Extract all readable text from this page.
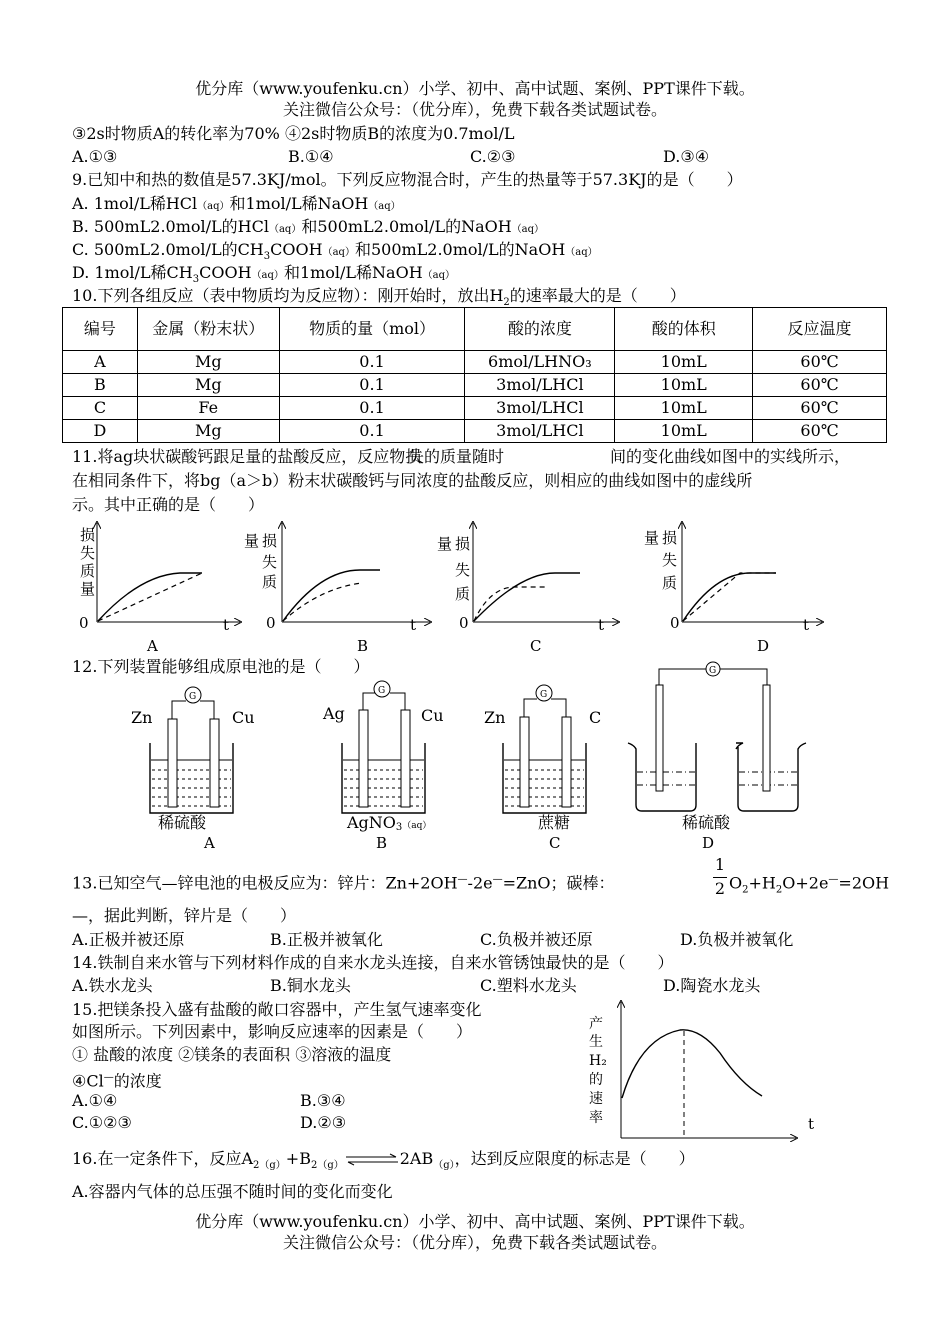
优分库（www.youfenku.cn）小学、初中、高中试题、案例、PPT课件下载。
关注微信公众号：（优分库），免费下载各类试题试卷。
③2s时物质A的转化率为70% ④2s时物质B的浓度为0.7mol/L
A.①③	B.①④	C.②③	D.③④
9.已知中和热的数值是57.3KJ/mol。下列反应物混合时，产生的热量等于57.3KJ的是（　　）
A. 1mol/L稀HCl（aq）和1mol/L稀NaOH（aq）
B. 500mL2.0mol/L的HCl（aq）和500mL2.0mol/L的NaOH（aq）
C. 500mL2.0mol/L的$CH_3COOH(aq)$和500mL2.0mol/L的NaOH（aq）
D. 1mol/L稀$CH_3COOH(aq)$和1mol/L稀NaOH（aq）
10.下列各组反应（表中物质均为反应物）：刚开始时，放出$H_2$的速率最大的是（　　）
编号	金属（粉末状）	物质的量（mol）	酸的浓度	酸的体积	反应温度
A	Mg	0.1	6mol/LHNO₃	10mL	60℃
B	Mg	0.1	3mol/LHCl	10mL	60℃
C	Fe	0.1	3mol/LHCl	10mL	60℃
D	Mg	0.1	3mol/LHCl	10mL	60℃
11.将ag块状碳酸钙跟足量的盐酸反应，反应物损
失的质量随时	间的变化曲线如图中的实线所示，
在相同条件下，将bg（a＞b）粉末状碳酸钙与同浓度的盐酸反应，则相应的曲线如图中的虚线所
示。其中正确的是（　　）
损
失
质
量
0	t
A
量 损
失
质
0	t
B
量 损
失
质
0	t
C
量 损
失
质
0	t
D
12.下列装置能够组成原电池的是（　　）
G
Zn	Cu
稀硫酸
A
G
Ag	Cu
AgNO3（aq）
B
G
Zn	C
蔗糖
C
G
稀硫酸
D
13.已知空气—锌电池的电极反应为：锌片：Zn+2OH—-2e—=ZnO；碳棒：
1
2 $O_2+H_2O+2e^—=2OH$
—，据此判断，锌片是（　　）
A.正极并被还原	B.正极并被氧化	C.负极并被还原	D.负极并被氧化
14.铁制自来水管与下列材料作成的自来水龙头连接，自来水管锈蚀最快的是（　　）
A.铁水龙头	B.铜水龙头	C.塑料水龙头	D.陶瓷水龙头
15.把镁条投入盛有盐酸的敞口容器中，产生氢气速率变化
如图所示。下列因素中，影响反应速率的因素是（　　）
① 盐酸的浓度 ②镁条的表面积 ③溶液的温度
④Cl—的浓度
A.①④	B.③④
C.①②③	D.②③
产
生
H₂
的
速
率	t
16.在一定条件下，反应$A_{2(g)}+B_{2(g)}\rightleftharpoons 2AB_{(g)}$，达到反应限度的标志是（　　）
A.容器内气体的总压强不随时间的变化而变化
优分库（www.youfenku.cn）小学、初中、高中试题、案例、PPT课件下载。
关注微信公众号：（优分库），免费下载各类试题试卷。
